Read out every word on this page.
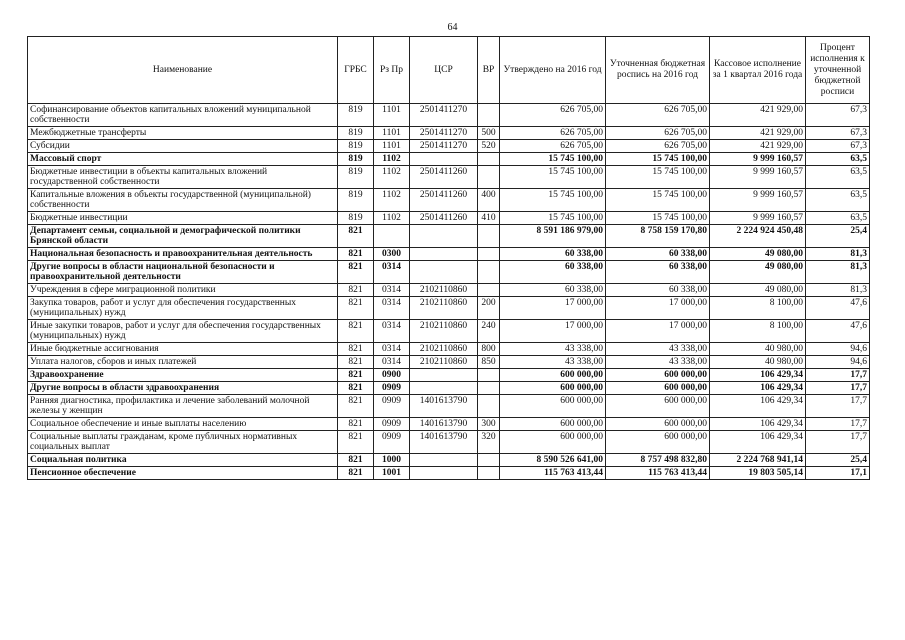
64
Наименование	ГРБС	Рз Пр	ЦСР	ВР	Утверждено на 2016 год	Уточненная бюджетная роспись на 2016 год	Кассовое исполнение за 1 квартал 2016 года	Процент исполнения к уточненной бюджетной росписи
Софинансирование объектов капитальных вложений муниципальной собственности	819	1101	2501411270		626 705,00	626 705,00	421 929,00	67,3
Межбюджетные трансферты	819	1101	2501411270	500	626 705,00	626 705,00	421 929,00	67,3
Субсидии	819	1101	2501411270	520	626 705,00	626 705,00	421 929,00	67,3
Массовый спорт	819	1102			15 745 100,00	15 745 100,00	9 999 160,57	63,5
Бюджетные инвестиции в объекты капитальных вложений государственной собственности	819	1102	2501411260		15 745 100,00	15 745 100,00	9 999 160,57	63,5
Капитальные вложения в объекты государственной (муниципальной) собственности	819	1102	2501411260	400	15 745 100,00	15 745 100,00	9 999 160,57	63,5
Бюджетные инвестиции	819	1102	2501411260	410	15 745 100,00	15 745 100,00	9 999 160,57	63,5
Департамент семьи, социальной и демографической политики Брянской области	821				8 591 186 979,00	8 758 159 170,80	2 224 924 450,48	25,4
Национальная безопасность и правоохранительная деятельность	821	0300			60 338,00	60 338,00	49 080,00	81,3
Другие вопросы в области национальной безопасности и правоохранительной деятельности	821	0314			60 338,00	60 338,00	49 080,00	81,3
Учреждения в сфере миграционной политики	821	0314	2102110860		60 338,00	60 338,00	49 080,00	81,3
Закупка товаров, работ и услуг для обеспечения государственных (муниципальных) нужд	821	0314	2102110860	200	17 000,00	17 000,00	8 100,00	47,6
Иные закупки товаров, работ и услуг для обеспечения государственных (муниципальных) нужд	821	0314	2102110860	240	17 000,00	17 000,00	8 100,00	47,6
Иные бюджетные ассигнования	821	0314	2102110860	800	43 338,00	43 338,00	40 980,00	94,6
Уплата налогов, сборов и иных платежей	821	0314	2102110860	850	43 338,00	43 338,00	40 980,00	94,6
Здравоохранение	821	0900			600 000,00	600 000,00	106 429,34	17,7
Другие вопросы в области здравоохранения	821	0909			600 000,00	600 000,00	106 429,34	17,7
Ранняя диагностика, профилактика и лечение заболеваний молочной железы у женщин	821	0909	1401613790		600 000,00	600 000,00	106 429,34	17,7
Социальное обеспечение и иные выплаты населению	821	0909	1401613790	300	600 000,00	600 000,00	106 429,34	17,7
Социальные выплаты гражданам, кроме публичных нормативных социальных выплат	821	0909	1401613790	320	600 000,00	600 000,00	106 429,34	17,7
Социальная политика	821	1000			8 590 526 641,00	8 757 498 832,80	2 224 768 941,14	25,4
Пенсионное обеспечение	821	1001			115 763 413,44	115 763 413,44	19 803 505,14	17,1
